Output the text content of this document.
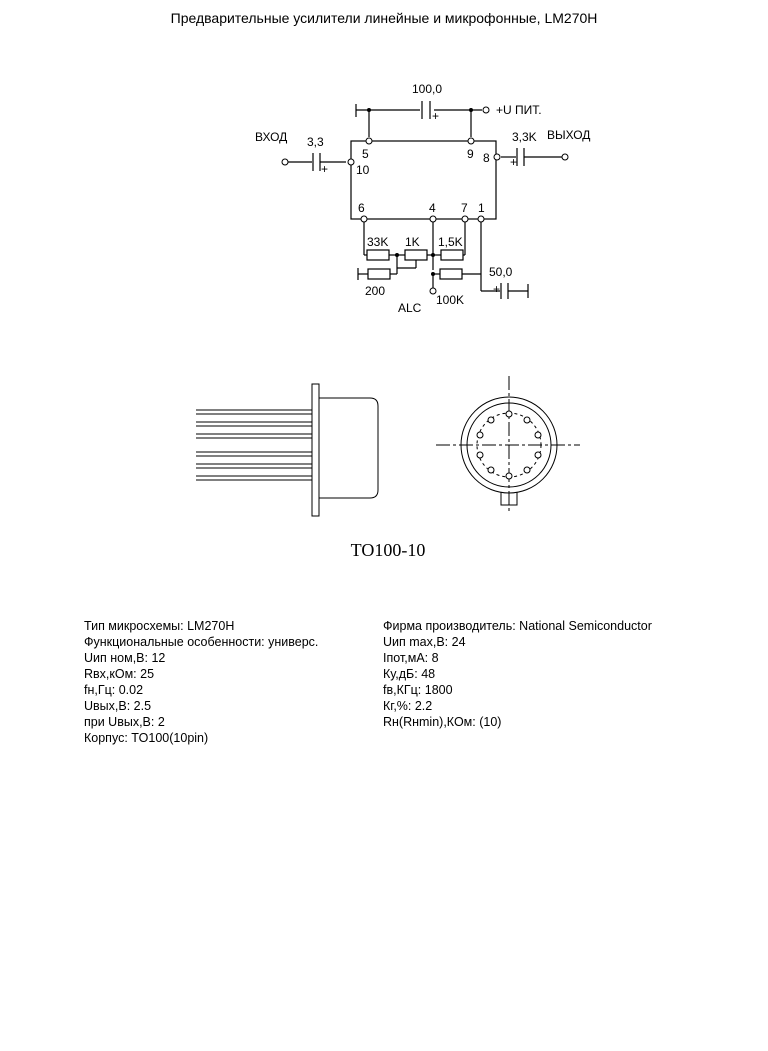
Предварительные усилители линейные и микрофонные, LM270H
100,0
+	+U ПИТ.
ВХОД 3,3
+
3,3K ВЫХОД
+
5	9
10
8
6	4 7 1
33K 1K 1,5K
200
100K
ALC
50,0
+
ТО100-10
Тип микросхемы: LM270H
Функциональные особенности: универс.
Uип ном,В: 12
Rвх,кОм: 25
fн,Гц: 0.02
Uвых,В: 2.5
при Uвых,В: 2
Корпус: TO100(10pin)
Фирма производитель: National Semiconductor
Uип max,В: 24
Iпот,мА: 8
Ку,дБ: 48
fв,КГц: 1800
Кг,%: 2.2
Rн(Rнmin),КОм: (10)
